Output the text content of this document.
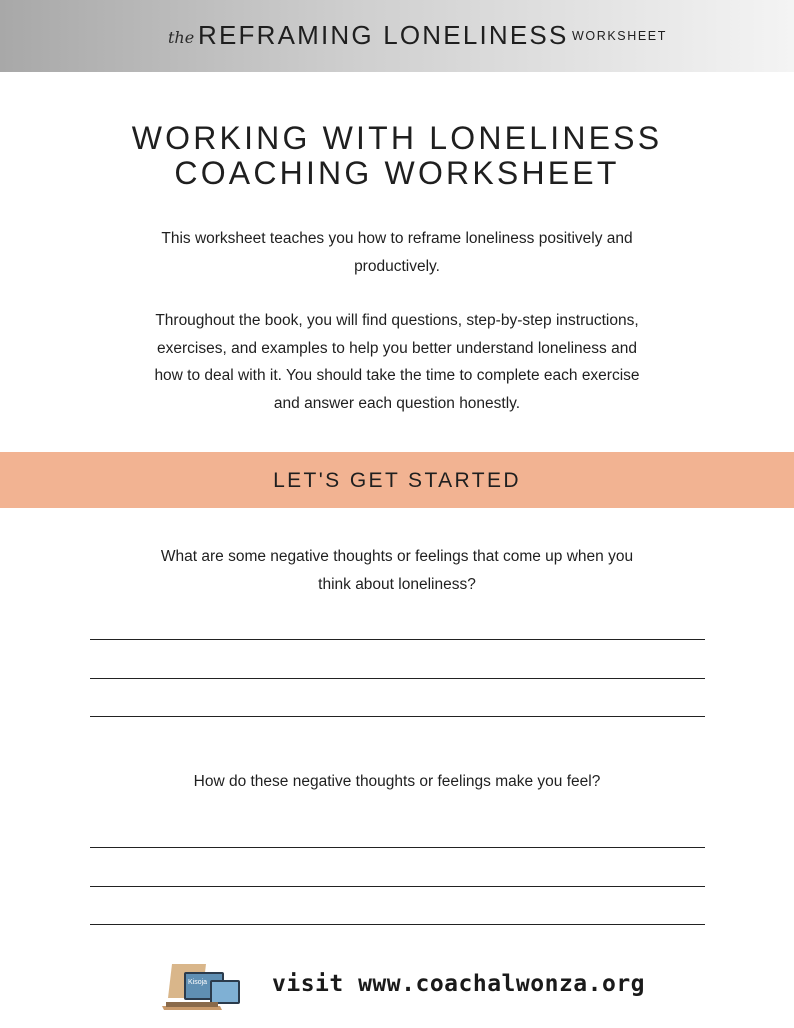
the REFRAMING LONELINESS WORKSHEET
WORKING WITH LONELINESS
COACHING WORKSHEET
This worksheet teaches you how to reframe loneliness positively and
productively.
Throughout the book, you will find questions, step-by-step instructions,
exercises, and examples to help you better understand loneliness and
how to deal with it. You should take the time to complete each exercise
and answer each question honestly.
LET'S GET STARTED
What are some negative thoughts or feelings that come up when you
think about loneliness?
How do these negative thoughts or feelings make you feel?
Kisoja	visit www.coachalwonza.org
